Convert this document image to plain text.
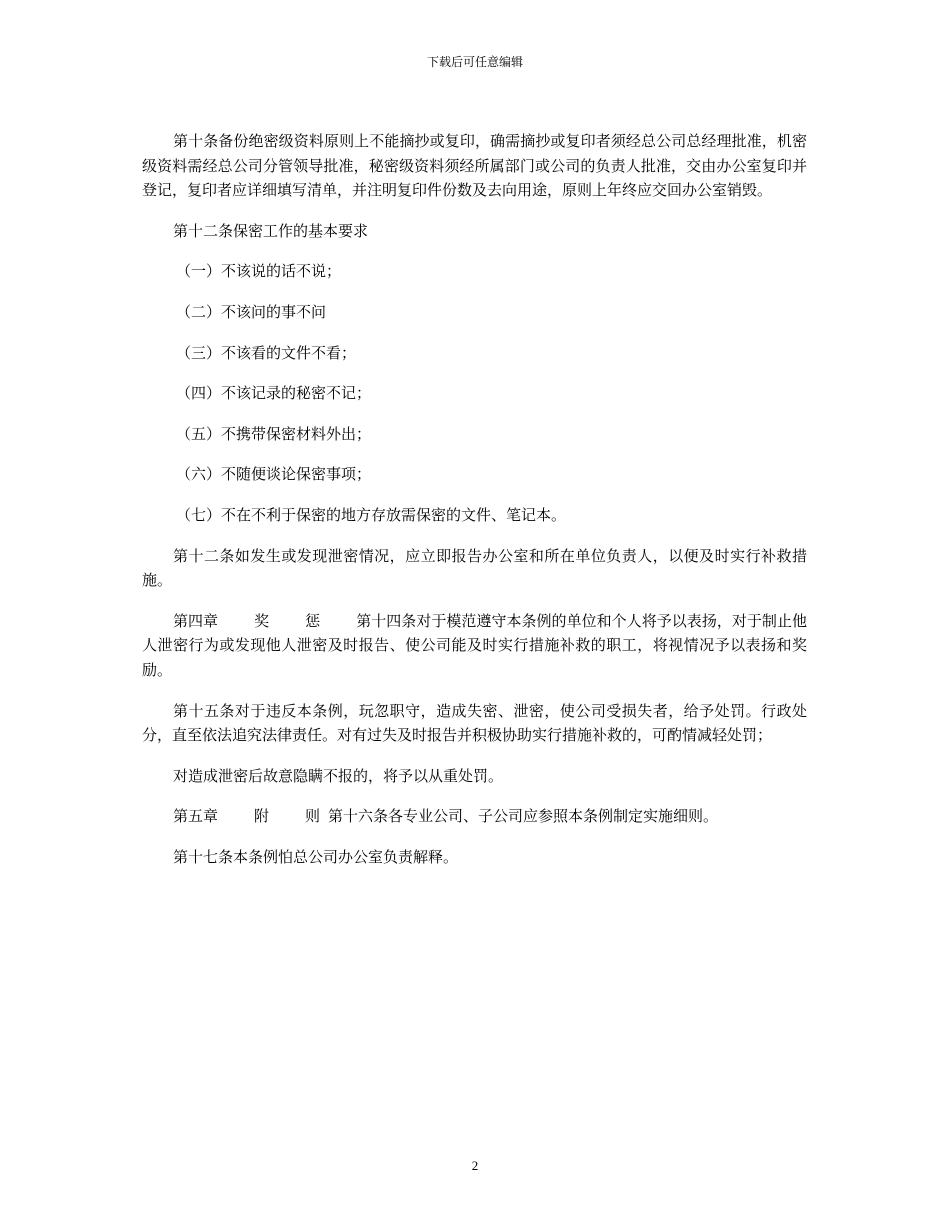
下载后可任意编辑

第十条备份绝密级资料原则上不能摘抄或复印，确需摘抄或复印者须经总公司总经理批准，机密级资料需经总公司分管领导批准，秘密级资料须经所属部门或公司的负责人批准，交由办公室复印并登记，复印者应详细填写清单，并注明复印件份数及去向用途，原则上年终应交回办公室销毁。

第十二条保密工作的基本要求

（一）不该说的话不说；

（二）不该问的事不问

（三）不该看的文件不看；

（四）不该记录的秘密不记；

（五）不携带保密材料外出；

（六）不随便谈论保密事项；

（七）不在不利于保密的地方存放需保密的文件、笔记本。

第十二条如发生或发现泄密情况，应立即报告办公室和所在单位负责人，以便及时实行补救措施。

第四章 奖 惩 第十四条对于模范遵守本条例的单位和个人将予以表扬，对于制止他人泄密行为或发现他人泄密及时报告、使公司能及时实行措施补救的职工，将视情况予以表扬和奖励。

第十五条对于违反本条例，玩忽职守，造成失密、泄密，使公司受损失者，给予处罚。行政处分，直至依法追究法律责任。对有过失及时报告并积极协助实行措施补救的，可酌情减轻处罚；

对造成泄密后故意隐瞒不报的，将予以从重处罚。

第五章 附 则 第十六条各专业公司、子公司应参照本条例制定实施细则。

第十七条本条例怕总公司办公室负责解释。

2
